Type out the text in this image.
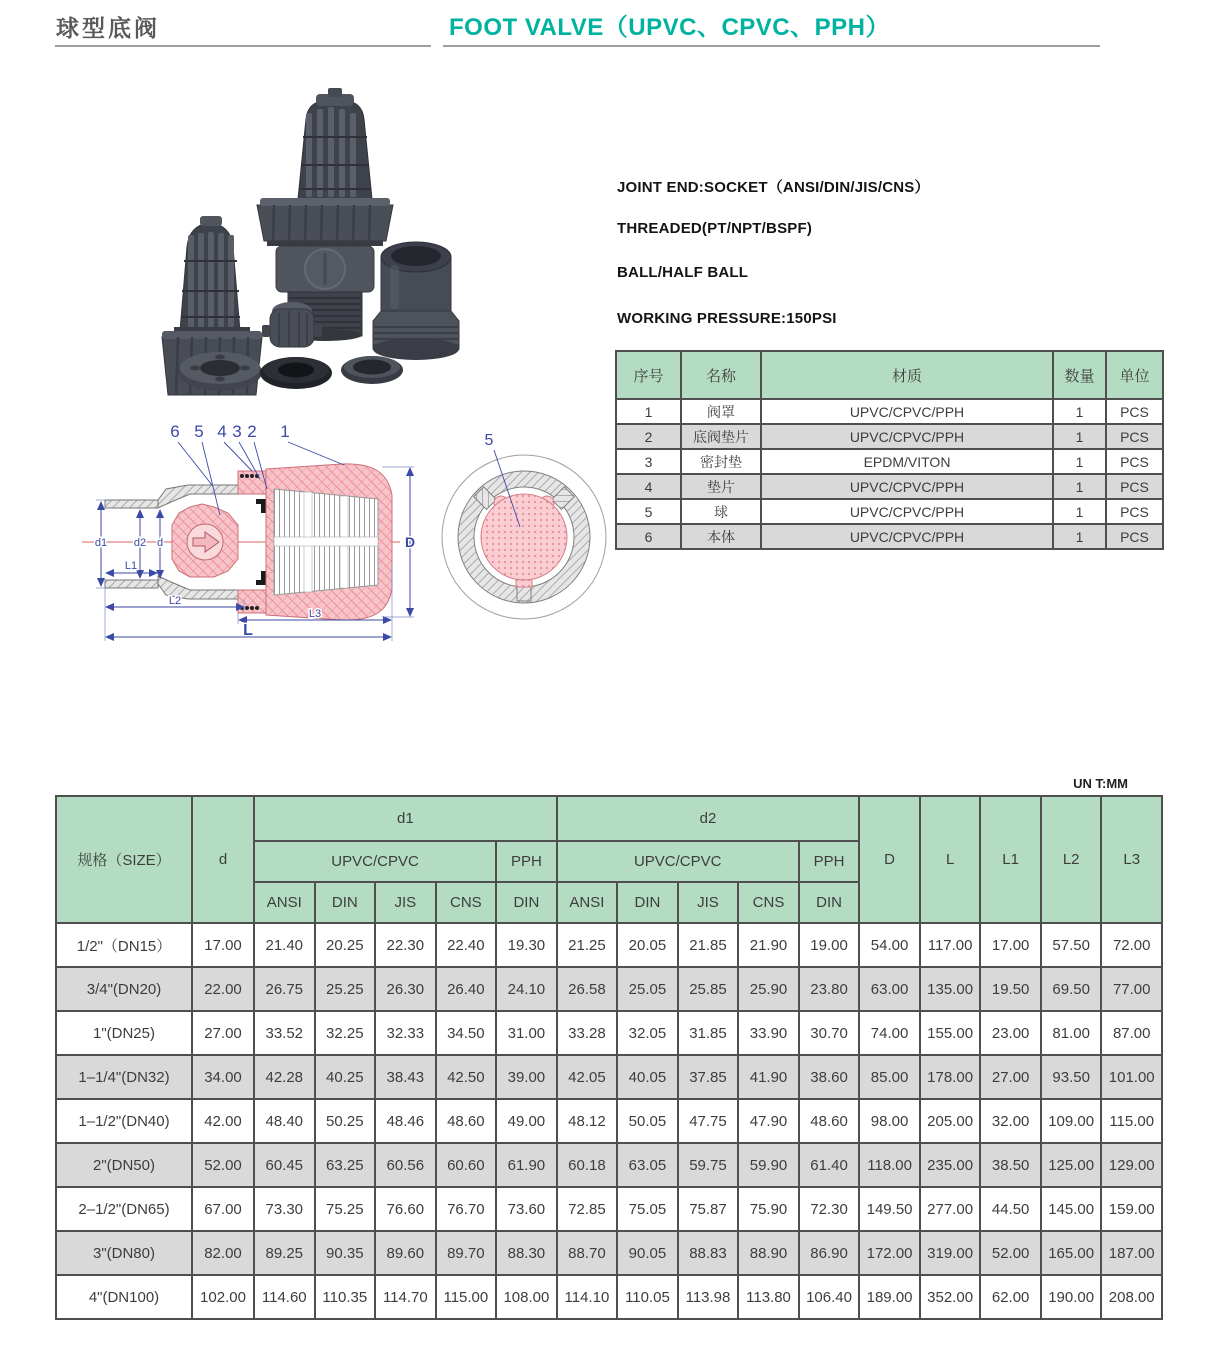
球型底阀	FOOT VALVE（UPVC、CPVC、PPH）
d1 d2 d
L1
L2
L3
L
D
6 5 4 3 2 1	5
JOINT END:SOCKET（ANSI/DIN/JIS/CNS）
THREADED(PT/NPT/BSPF)
BALL/HALF BALL
WORKING PRESSURE:150PSI
序号	名称	材质	数量	单位
1	阀罩	UPVC/CPVC/PPH	1	PCS
2	底阀垫片	UPVC/CPVC/PPH	1	PCS
3	密封垫	EPDM/VITON	1	PCS
4	垫片	UPVC/CPVC/PPH	1	PCS
5	球	UPVC/CPVC/PPH	1	PCS
6	本体	UPVC/CPVC/PPH	1	PCS
UN T:MM
规格（SIZE）	d	d1					d2					D	L	L1	L2	L3
		UPVC/CPVC				PPH	UPVC/CPVC				PPH					
		ANSI	DIN	JIS	CNS	DIN	ANSI	DIN	JIS	CNS	DIN					
1/2"（DN15）	17.00	21.40	20.25	22.30	22.40	19.30	21.25	20.05	21.85	21.90	19.00	54.00	117.00	17.00	57.50	72.00
3/4"(DN20)	22.00	26.75	25.25	26.30	26.40	24.10	26.58	25.05	25.85	25.90	23.80	63.00	135.00	19.50	69.50	77.00
1"(DN25)	27.00	33.52	32.25	32.33	34.50	31.00	33.28	32.05	31.85	33.90	30.70	74.00	155.00	23.00	81.00	87.00
1–1/4"(DN32)	34.00	42.28	40.25	38.43	42.50	39.00	42.05	40.05	37.85	41.90	38.60	85.00	178.00	27.00	93.50	101.00
1–1/2"(DN40)	42.00	48.40	50.25	48.46	48.60	49.00	48.12	50.05	47.75	47.90	48.60	98.00	205.00	32.00	109.00	115.00
2"(DN50)	52.00	60.45	63.25	60.56	60.60	61.90	60.18	63.05	59.75	59.90	61.40	118.00	235.00	38.50	125.00	129.00
2–1/2"(DN65)	67.00	73.30	75.25	76.60	76.70	73.60	72.85	75.05	75.87	75.90	72.30	149.50	277.00	44.50	145.00	159.00
3"(DN80)	82.00	89.25	90.35	89.60	89.70	88.30	88.70	90.05	88.83	88.90	86.90	172.00	319.00	52.00	165.00	187.00
4"(DN100)	102.00	114.60	110.35	114.70	115.00	108.00	114.10	110.05	113.98	113.80	106.40	189.00	352.00	62.00	190.00	208.00
